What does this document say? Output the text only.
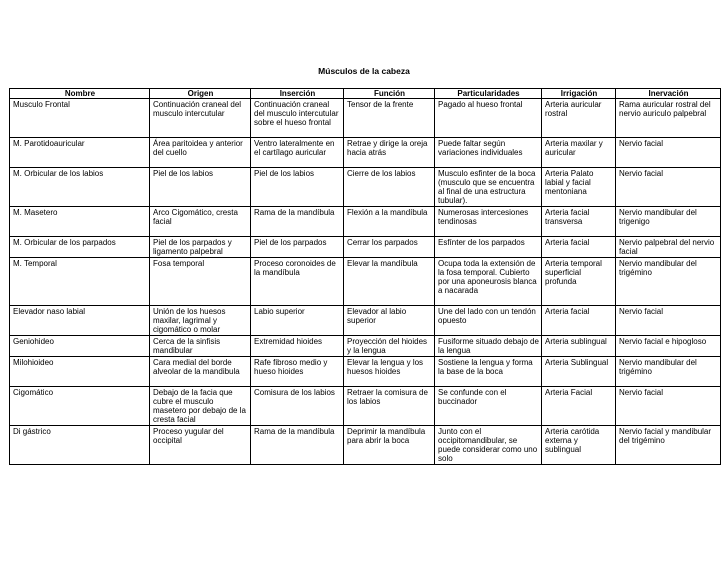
Músculos de la cabeza
Nombre	Origen	Inserción	Función	Particularidades	Irrigación	Inervación
Musculo Frontal	Continuación craneal del musculo intercutular	Continuación craneal del musculo intercutular sobre el hueso frontal	Tensor de la frente	Pagado al hueso frontal	Arteria auricular rostral	Rama auricular rostral del nervio auriculo palpebral
M. Parotidoauricular	Área paritoidea y anterior del cuello	Ventro lateralmente en el cartílago auricular	Retrae y dirige la oreja hacia atrás	Puede faltar según variaciones individuales	Arteria maxilar y auricular	Nervio facial
M. Orbicular de los labios	Piel de los labios	Piel de los labios	Cierre de los labios	Musculo esfinter de la boca (musculo que se encuentra al final de una estructura tubular).	Arteria Palato labial y facial mentoniana	Nervio facial
M. Masetero	Arco Cigomático, cresta facial	Rama de la mandíbula	Flexión a la mandíbula	Numerosas intercesiones tendinosas	Arteria facial transversa	Nervio mandibular del trigenigo
M. Orbicular de los parpados	Piel de los parpados y ligamento palpebral	Piel de los parpados	Cerrar los parpados	Esfínter de los parpados	Arteria facial	Nervio palpebral del nervio facial
M. Temporal	Fosa temporal	Proceso coronoides de la mandíbula	Elevar la mandíbula	Ocupa toda la extensión de la fosa temporal. Cubierto por una aponeurosis blanca a nacarada	Arteria temporal superficial profunda	Nervio mandibular del trigémino
Elevador naso labial	Unión de los huesos maxilar, lagrimal y cigomático o molar	Labio superior	Elevador al labio superior	Une del lado con un tendón opuesto	Arteria facial	Nervio facial
Geniohideo	Cerca de la sinfisis mandibular	Extremidad hioides	Proyección del hioides y la lengua	Fusiforme situado debajo de la lengua	Arteria sublingual	Nervio facial e hipogloso
Milohioideo	Cara medial del borde alveolar de la mandibula	Rafe fibroso medio y hueso hioides	Elevar la lengua y los huesos hioides	Sostiene la lengua y forma la base de la boca	Arteria Sublingual	Nervio mandibular del trigémino
Cigomático	Debajo de la facia que cubre el musculo masetero por debajo de la cresta facial	Comisura de los labios	Retraer la comisura de los labios	Se confunde con el buccinador	Arteria Facial	Nervio facial
Di gástrico	Proceso yugular del occipital	Rama de la mandíbula	Deprimir la mandíbula para abrir la boca	Junto con el occipitomandibular, se puede considerar como uno solo	Arteria carótida externa y sublingual	Nervio facial y mandibular del trigémino
